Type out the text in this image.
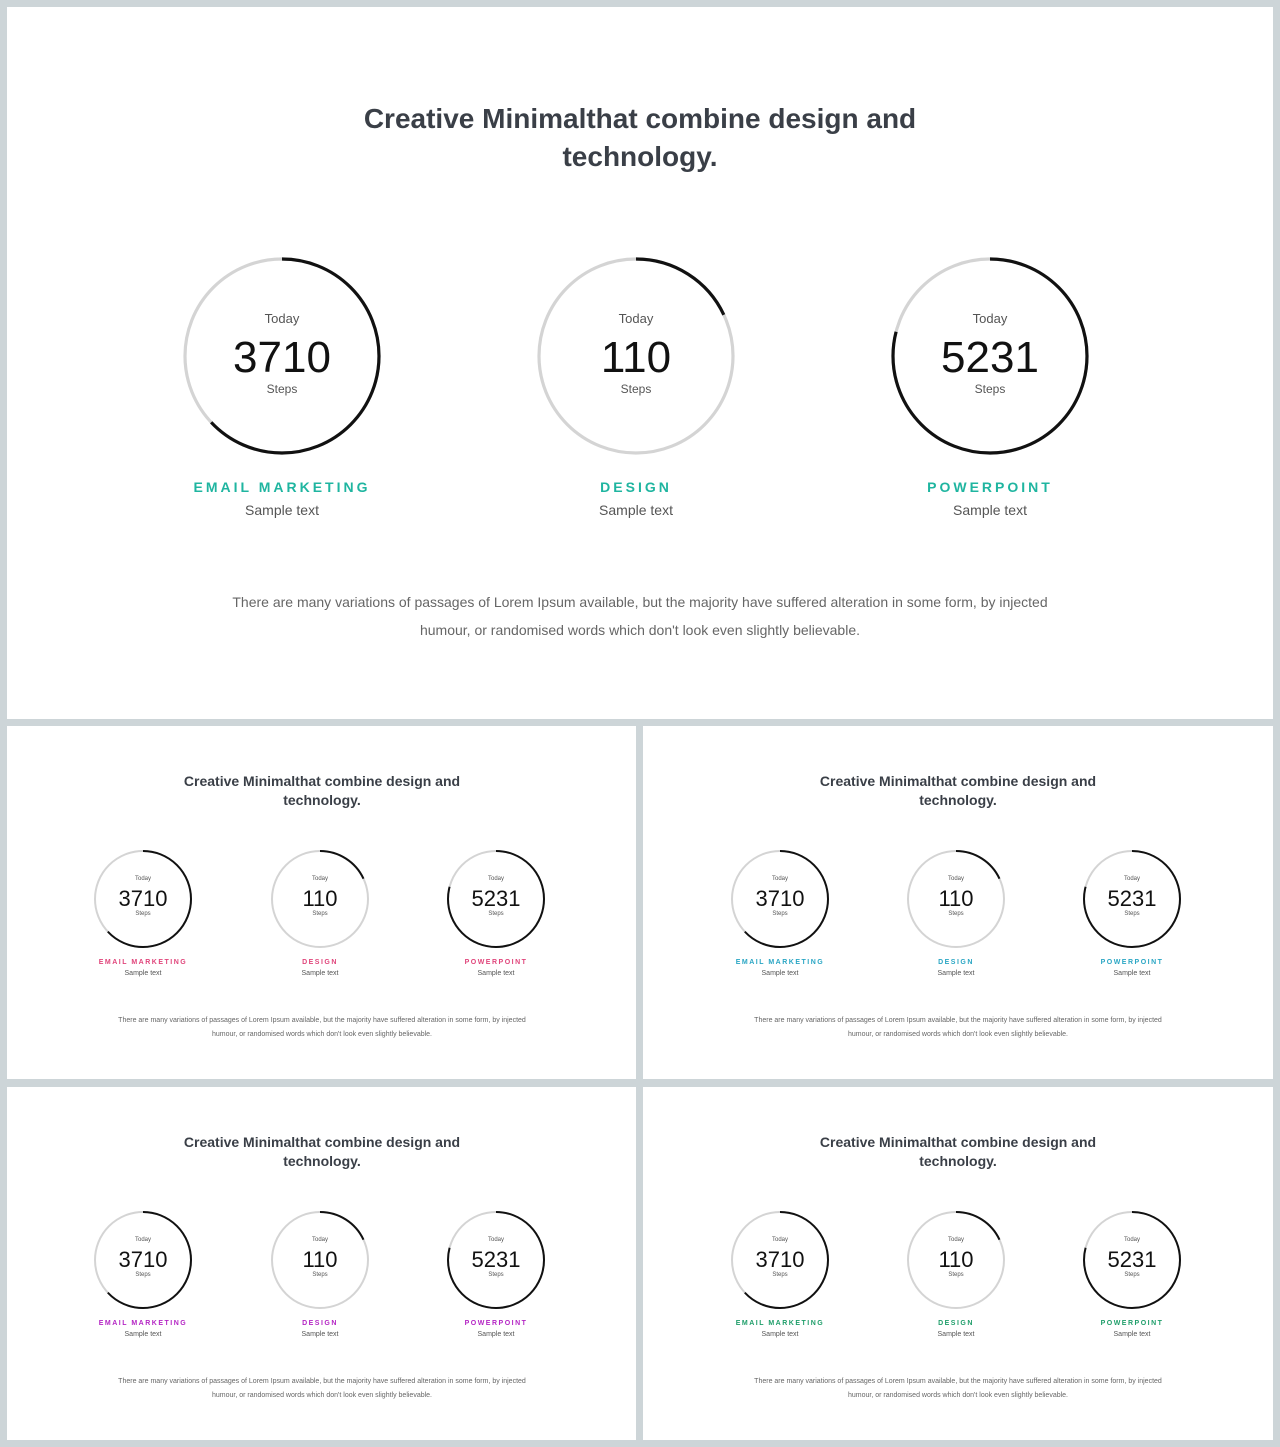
Creative Minimalthat combine design and
technology.
Today
3710
Steps
EMAIL MARKETING
Sample text
Today
110
Steps
DESIGN
Sample text
Today
5231
Steps
POWERPOINT
Sample text

There are many variations of passages of Lorem Ipsum available, but the majority have suffered alteration in some form, by injected
humour, or randomised words which don't look even slightly believable.

Creative Minimalthat combine design and
technology.
Today
3710
Steps
EMAIL MARKETING
Sample text
Today
110
Steps
DESIGN
Sample text
Today
5231
Steps
POWERPOINT
Sample text

There are many variations of passages of Lorem Ipsum available, but the majority have suffered alteration in some form, by injected
humour, or randomised words which don't look even slightly believable.

Creative Minimalthat combine design and
technology.
Today
3710
Steps
EMAIL MARKETING
Sample text
Today
110
Steps
DESIGN
Sample text
Today
5231
Steps
POWERPOINT
Sample text

There are many variations of passages of Lorem Ipsum available, but the majority have suffered alteration in some form, by injected
humour, or randomised words which don't look even slightly believable.

Creative Minimalthat combine design and
technology.
Today
3710
Steps
EMAIL MARKETING
Sample text
Today
110
Steps
DESIGN
Sample text
Today
5231
Steps
POWERPOINT
Sample text

There are many variations of passages of Lorem Ipsum available, but the majority have suffered alteration in some form, by injected
humour, or randomised words which don't look even slightly believable.

Creative Minimalthat combine design and
technology.
Today
3710
Steps
EMAIL MARKETING
Sample text
Today
110
Steps
DESIGN
Sample text
Today
5231
Steps
POWERPOINT
Sample text

There are many variations of passages of Lorem Ipsum available, but the majority have suffered alteration in some form, by injected
humour, or randomised words which don't look even slightly believable.
